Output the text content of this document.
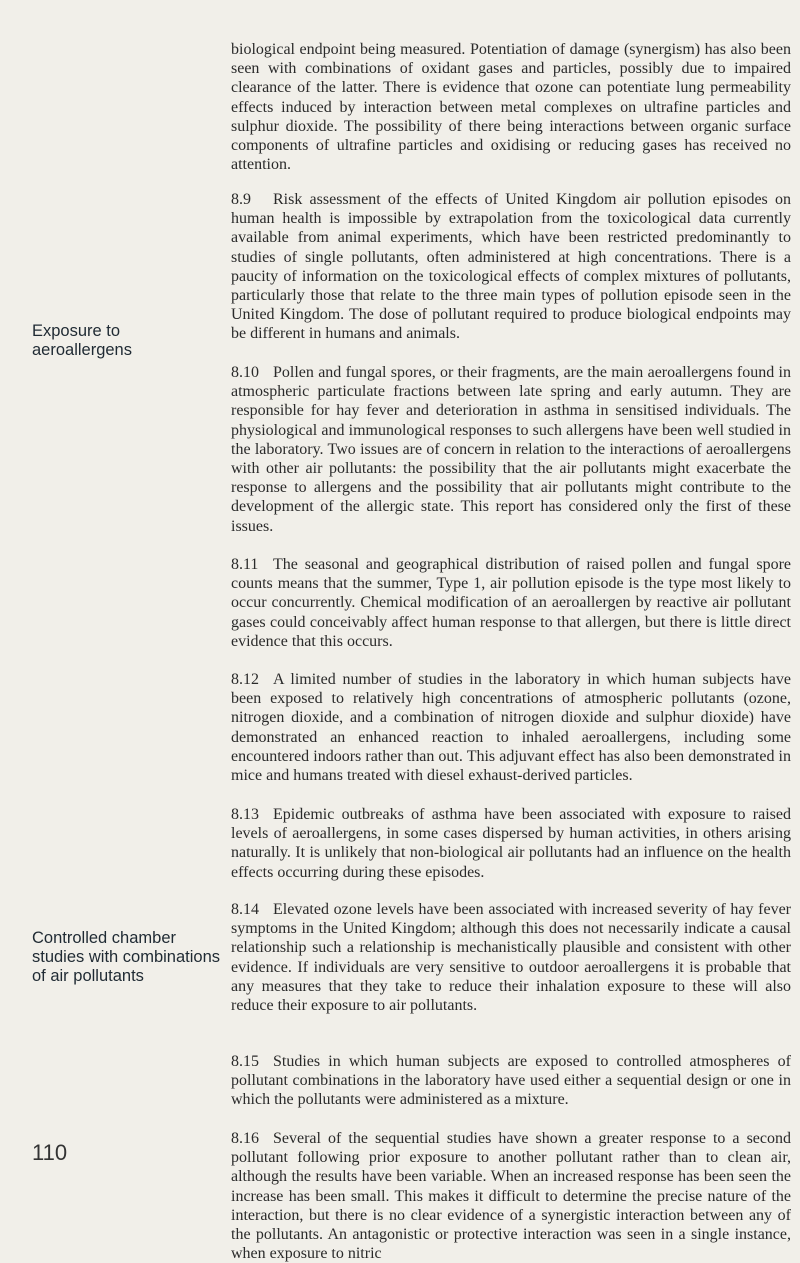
Exposure to
aeroallergens
Controlled chamber
studies with combinations
of air pollutants
110

biological endpoint being measured. Potentiation of damage (synergism) has also been seen with combinations of oxidant gases and particles, possibly due to impaired clearance of the latter. There is evidence that ozone can potentiate lung permeability effects induced by interaction between metal complexes on ultrafine particles and sulphur dioxide. The possibility of there being interactions between organic surface components of ultrafine particles and oxidising or reducing gases has received no attention.

8.9 Risk assessment of the effects of United Kingdom air pollution episodes on human health is impossible by extrapolation from the toxicological data currently available from animal experiments, which have been restricted predominantly to studies of single pollutants, often administered at high concentrations. There is a paucity of information on the toxicological effects of complex mixtures of pollutants, particularly those that relate to the three main types of pollution episode seen in the United Kingdom. The dose of pollutant required to produce biological endpoints may be different in humans and animals.

8.10 Pollen and fungal spores, or their fragments, are the main aeroallergens found in atmospheric particulate fractions between late spring and early autumn. They are responsible for hay fever and deterioration in asthma in sensitised individuals. The physiological and immunological responses to such allergens have been well studied in the laboratory. Two issues are of concern in relation to the interactions of aeroallergens with other air pollutants: the possibility that the air pollutants might exacerbate the response to allergens and the possibility that air pollutants might contribute to the development of the allergic state. This report has considered only the first of these issues.

8.11 The seasonal and geographical distribution of raised pollen and fungal spore counts means that the summer, Type 1, air pollution episode is the type most likely to occur concurrently. Chemical modification of an aeroallergen by reactive air pollutant gases could conceivably affect human response to that allergen, but there is little direct evidence that this occurs.

8.12 A limited number of studies in the laboratory in which human subjects have been exposed to relatively high concentrations of atmospheric pollutants (ozone, nitrogen dioxide, and a combination of nitrogen dioxide and sulphur dioxide) have demonstrated an enhanced reaction to inhaled aeroallergens, including some encountered indoors rather than out. This adjuvant effect has also been demonstrated in mice and humans treated with diesel exhaust-derived particles.

8.13 Epidemic outbreaks of asthma have been associated with exposure to raised levels of aeroallergens, in some cases dispersed by human activities, in others arising naturally. It is unlikely that non-biological air pollutants had an influence on the health effects occurring during these episodes.

8.14 Elevated ozone levels have been associated with increased severity of hay fever symptoms in the United Kingdom; although this does not necessarily indicate a causal relationship such a relationship is mechanistically plausible and consistent with other evidence. If individuals are very sensitive to outdoor aeroallergens it is probable that any measures that they take to reduce their inhalation exposure to these will also reduce their exposure to air pollutants.

8.15 Studies in which human subjects are exposed to controlled atmospheres of pollutant combinations in the laboratory have used either a sequential design or one in which the pollutants were administered as a mixture.

8.16 Several of the sequential studies have shown a greater response to a second pollutant following prior exposure to another pollutant rather than to clean air, although the results have been variable. When an increased response has been seen the increase has been small. This makes it difficult to determine the precise nature of the interaction, but there is no clear evidence of a synergistic interaction between any of the pollutants. An antagonistic or protective interaction was seen in a single instance, when exposure to nitric
